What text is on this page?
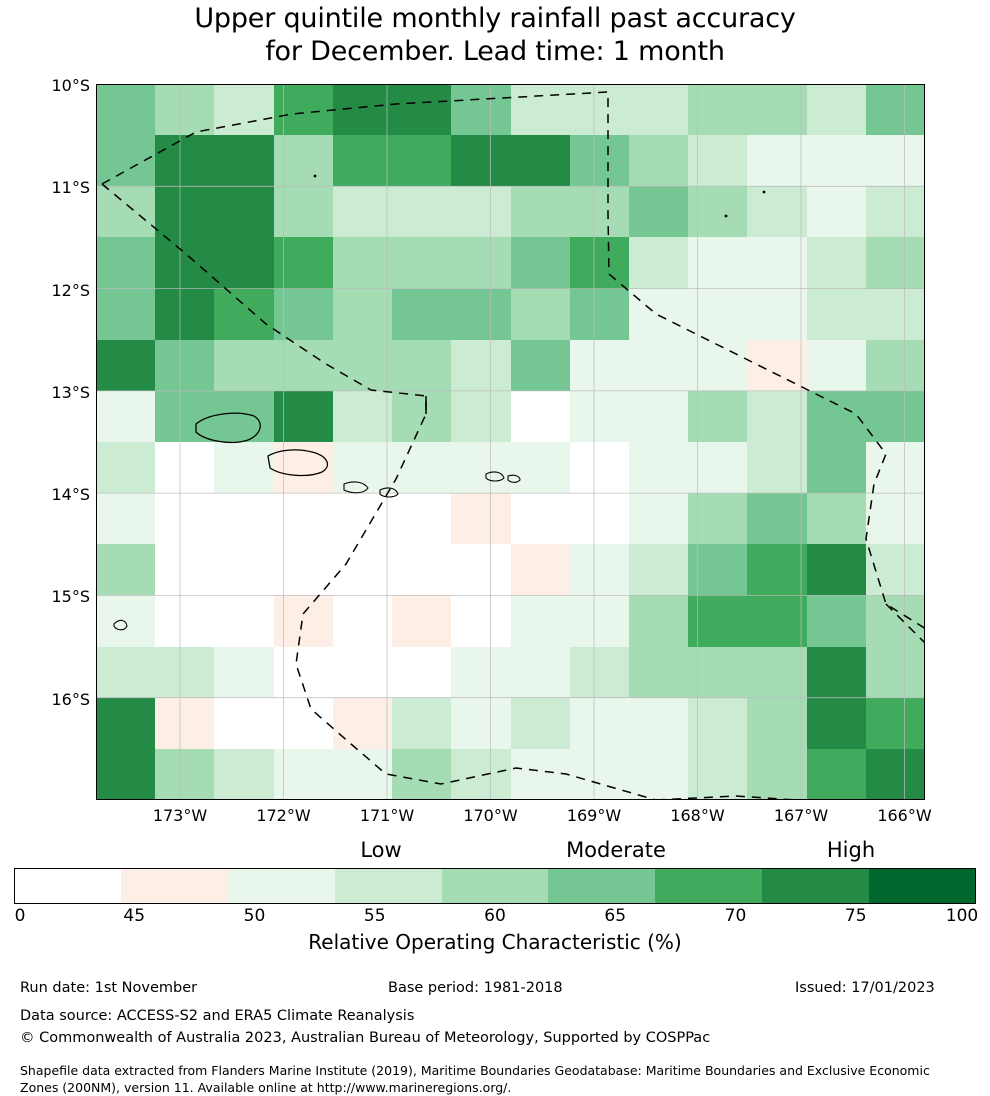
Upper quintile monthly rainfall past accuracy
for December. Lead time: 1 month
10°S
11°S
12°S
13°S
14°S
15°S
16°S
173°W	172°W	171°W	170°W	169°W	168°W	167°W	166°W
Low	Moderate	High
0	45	50	55	60	65	70	75	100
Relative Operating Characteristic (%)
Run date: 1st November	Base period: 1981-2018	Issued: 17/01/2023
Data source: ACCESS-S2 and ERA5 Climate Reanalysis
© Commonwealth of Australia 2023, Australian Bureau of Meteorology, Supported by COSPPac
Shapefile data extracted from Flanders Marine Institute (2019), Maritime Boundaries Geodatabase: Maritime Boundaries and Exclusive Economic Zones (200NM), version 11. Available online at http://www.marineregions.org/.
